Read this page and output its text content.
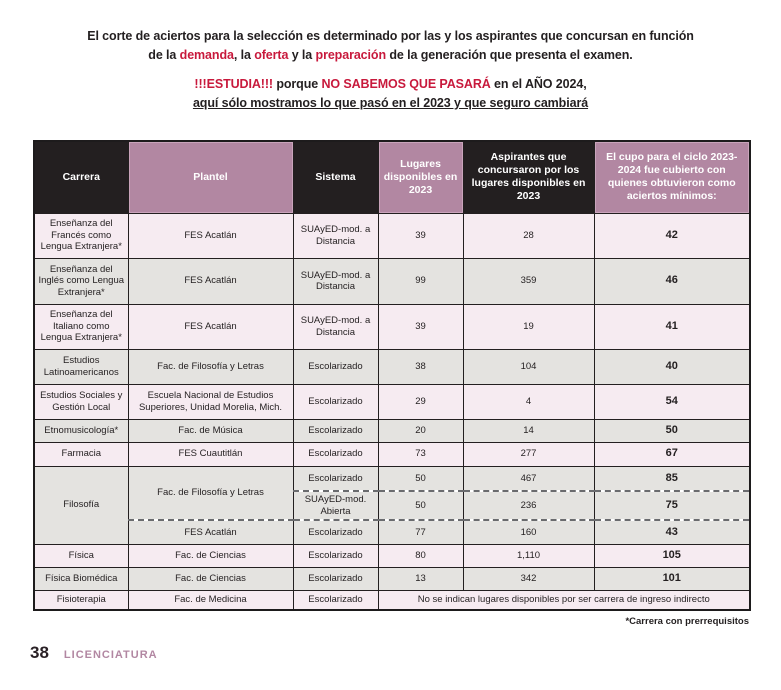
El corte de aciertos para la selección es determinado por las y los aspirantes que concursan en función
de la demanda, la oferta y la preparación de la generación que presenta el examen.
!!!ESTUDIA!!! porque NO SABEMOS QUE PASARÁ en el AÑO 2024,
aquí sólo mostramos lo que pasó en el 2023 y que seguro cambiará
Carrera	Plantel	Sistema	Lugares disponibles en 2023	Aspirantes que concursaron por los lugares disponibles en 2023	El cupo para el ciclo 2023-2024 fue cubierto con quienes obtuvieron como aciertos mínimos:
Enseñanza del Francés como Lengua Extranjera*	FES Acatlán	SUAyED-mod. a Distancia	39	28	42
Enseñanza del Inglés como Lengua Extranjera*	FES Acatlán	SUAyED-mod. a Distancia	99	359	46
Enseñanza del Italiano como Lengua Extranjera*	FES Acatlán	SUAyED-mod. a Distancia	39	19	41
Estudios Latinoamericanos	Fac. de Filosofía y Letras	Escolarizado	38	104	40
Estudios Sociales y Gestión Local	Escuela Nacional de Estudios Superiores, Unidad Morelia, Mich.	Escolarizado	29	4	54
Etnomusicología*	Fac. de Música	Escolarizado	20	14	50
Farmacia	FES Cuautitlán	Escolarizado	73	277	67
Filosofía	Fac. de Filosofía y Letras	Escolarizado	50	467	85
		SUAyED-mod. Abierta	50	236	75
	FES Acatlán	Escolarizado	77	160	43
Física	Fac. de Ciencias	Escolarizado	80	1,110	105
Física Biomédica	Fac. de Ciencias	Escolarizado	13	342	101
Fisioterapia	Fac. de Medicina	Escolarizado	No se indican lugares disponibles por ser carrera de ingreso indirecto		
*Carrera con prerrequisitos
38 LICENCIATURA
